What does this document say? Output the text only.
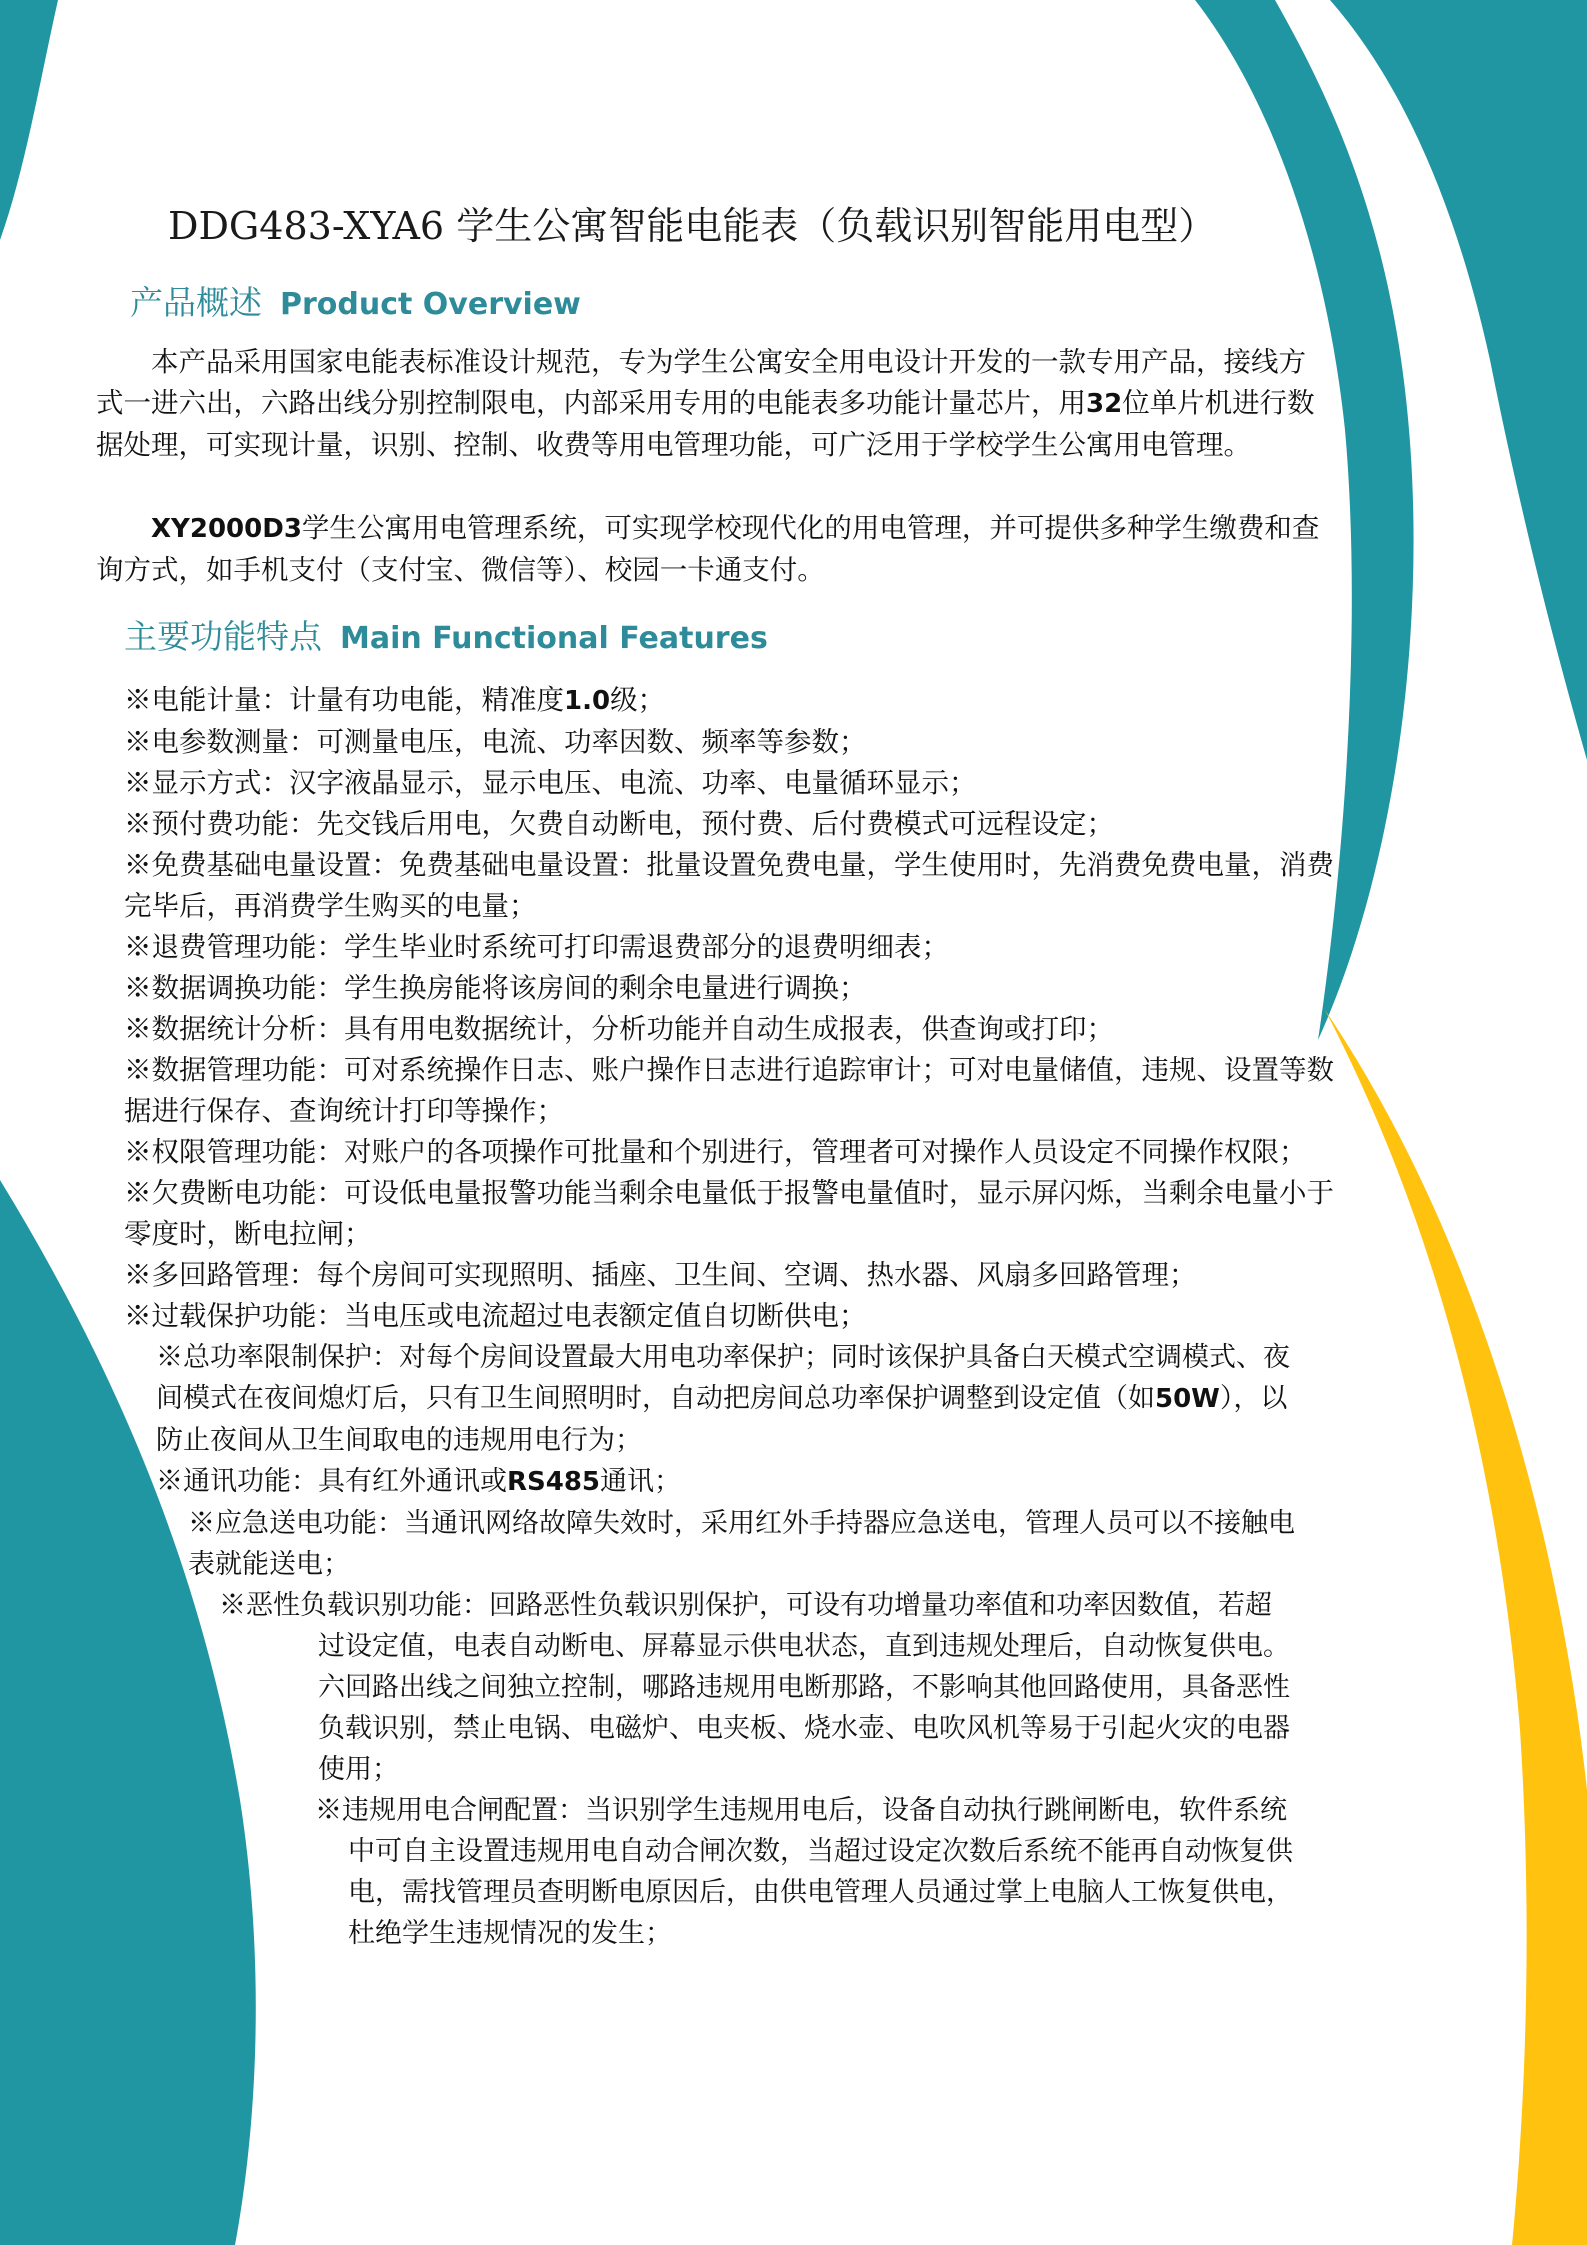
DDG483-XYA6 学生公寓智能电能表（负载识别智能用电型）
产品概述 Product Overview

本产品采用国家电能表标准设计规范，专为学生公寓安全用电设计开发的一款专用产品，接线方式一进六出，六路出线分别控制限电，内部采用专用的电能表多功能计量芯片，用32位单片机进行数据处理，可实现计量，识别、控制、收费等用电管理功能，可广泛用于学校学生公寓用电管理。

XY2000D3学生公寓用电管理系统，可实现学校现代化的用电管理，并可提供多种学生缴费和查询方式，如手机支付（支付宝、微信等）、校园一卡通支付。

主要功能特点 Main Functional Features

※电能计量：计量有功电能，精准度1.0级；

※电参数测量：可测量电压，电流、功率因数、频率等参数；

※显示方式：汉字液晶显示，显示电压、电流、功率、电量循环显示；

※预付费功能：先交钱后用电，欠费自动断电，预付费、后付费模式可远程设定；

※免费基础电量设置：免费基础电量设置：批量设置免费电量，学生使用时，先消费免费电量，消费完毕后，再消费学生购买的电量；

※退费管理功能：学生毕业时系统可打印需退费部分的退费明细表；

※数据调换功能：学生换房能将该房间的剩余电量进行调换；

※数据统计分析：具有用电数据统计，分析功能并自动生成报表，供查询或打印；

※数据管理功能：可对系统操作日志、账户操作日志进行追踪审计；可对电量储值，违规、设置等数据进行保存、查询统计打印等操作；

※权限管理功能：对账户的各项操作可批量和个别进行，管理者可对操作人员设定不同操作权限；

※欠费断电功能：可设低电量报警功能当剩余电量低于报警电量值时，显示屏闪烁，当剩余电量小于零度时，断电拉闸；

※多回路管理：每个房间可实现照明、插座、卫生间、空调、热水器、风扇多回路管理；

※过载保护功能：当电压或电流超过电表额定值自切断供电；

※总功率限制保护：对每个房间设置最大用电功率保护；同时该保护具备白天模式空调模式、夜间模式在夜间熄灯后，只有卫生间照明时，自动把房间总功率保护调整到设定值（如50W），以防止夜间从卫生间取电的违规用电行为；

※通讯功能：具有红外通讯或RS485通讯；

※应急送电功能：当通讯网络故障失效时，采用红外手持器应急送电，管理人员可以不接触电表就能送电；

※恶性负载识别功能：回路恶性负载识别保护，可设有功增量功率值和功率因数值，若超过设定值，电表自动断电、屏幕显示供电状态，直到违规处理后，自动恢复供电。六回路出线之间独立控制，哪路违规用电断那路，不影响其他回路使用，具备恶性负载识别，禁止电锅、电磁炉、电夹板、烧水壶、电吹风机等易于引起火灾的电器使用；

※违规用电合闸配置：当识别学生违规用电后，设备自动执行跳闸断电，软件系统中可自主设置违规用电自动合闸次数，当超过设定次数后系统不能再自动恢复供电，需找管理员查明断电原因后，由供电管理人员通过掌上电脑人工恢复供电，杜绝学生违规情况的发生；
